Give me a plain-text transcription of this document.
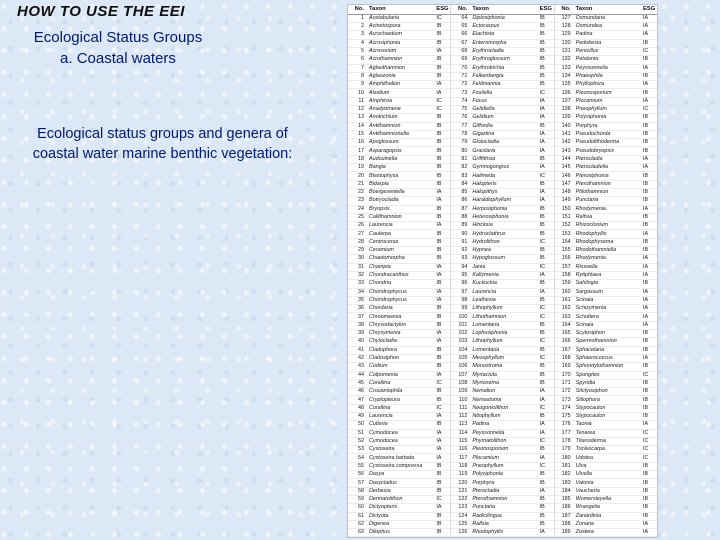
HOW TO USE THE EEI
Ecological Status Groups
a. Coastal waters
Ecological status groups and genera of
coastal water marine benthic vegetation:
No. Taxon	ESG
1 Acetabularia	IC
2 Acinetospora	IB
3 Acrochaetium	IB
4 Acrosiphonia	IB
5 Acrosorium	IA
6 Acrothamnion	IB
7 Aglaothamnion	IB
8 Aglaozonia	IB
9 Amphithalion	IA
10 Alsidium	IA
11 Amphiroa	IC
12 Anadyomene	IC
13 Anotrichium	IB
14 Antithamnion	IB
15 Antithamnionella	IB
16 Apoglossum	IB
17 Asparagopsis	IB
18 Audouinella	IB
19 Bangia	IB
20 Blastophysa	IB
21 Bidarpia	IB
22 Boergeseniella	IA
23 Botryocladia	IA
24 Bryopsis	IB
25 Callithamnion	IB
26 Laurencia	IA
27 Caulerpa	IB
28 Centroceras	IB
29 Ceramium	IB
30 Chaetomorpha	IB
31 Champia	IA
32 Chondracanthus	IA
33 Chondria	IB
34 Chondrophycus	IA
35 Chondrophycus	IA
36 Chordaria	IB
37 Chroomeenia	IB
38 Chrysodactylon	IB
39 Chrysymenia	IA
40 Chylocladia	IA
41 Cladophora	IB
42 Cladosiphon	IB
43 Codium	IB
44 Colpomenia	IA
45 Corallina	IC
46 Crouaniophila	IB
47 Cryptopleura	IB
48 Corallina	IC
49 Laurencia	IA
50 Cutleria	IB
51 Cymodocea	IA
52 Cymodocea	IA
53 Cystoseira	IA
54 Cystoseira barbata	IA
55 Cystoseira compressa	IB
56 Dasya	IB
57 Dasycladus	IB
58 Derbesia	IB
59 Dermatolithon	IC
60 Dictyopteris	IA
61 Dictyota	IB
62 Digenea	IB
63 Dilophus	IB
No. Taxon	ESG
64 Diplosiphonia	IB
65 Ectocarpus	IB
66 Elachista	IB
67 Enteromorpha	IB
68 Erythrocladia	IB
69 Erythroglossum	IB
70 Erythrotrichia	IB
71 Falkenbergia	IB
72 Feldmannia	IB
73 Fosliella	IC
74 Fucus	IA
75 Gelidiella	IA
76 Gelidium	IA
77 Giffordia	IB
78 Gigartina	IA
79 Gloiocladia	IA
80 Gracilaria	IA
81 Griffithsia	IB
82 Gymnogongrus	IA
83 Halimeda	IC
84 Halopteris	IB
85 Halopithys	IA
86 Haraldiophyllum	IA
87 Herposiphonia	IB
88 Heterosiphonia	IB
89 Hincksia	IB
90 Hydroclathrus	IB
91 Hydrolithon	IC
92 Hypnea	IB
93 Hypoglossum	IB
94 Jania	IC
95 Kallymenia	IA
96 Kuckuckia	IB
97 Laurencia	IA
98 Leathesia	IB
99 Lithophyllum	IC
100 Lithothamnion	IC
101 Lomentaria	IB
102 Lophosiphonia	IB
103 Lithophyllum	IC
104 Lomentaria	IB
105 Mesophyllum	IC
106 Monostroma	IB
107 Myriactula	IB
108 Myrionema	IB
109 Nemalion	IA
110 Nemastoma	IA
111 Neogoniolithon	IC
112 Nitophyllum	IB
113 Padina	IA
114 Peyssonnelia	IA
115 Phymatolithon	IC
116 Pleonosporium	IB
117 Plocamium	IA
118 Pneophyllum	IC
119 Polysiphonia	IB
120 Porphyra	IB
121 Pterocladia	IA
122 Pterothamnion	IB
123 Punctaria	IB
124 Radicilingua	IB
125 Ralfsia	IB
126 Rhodophyllis	IA
No. Taxon	ESG
127 Osmundaria	IA
128 Osmundea	IA
129 Padina	IA
130 Pedobesia	IB
131 Penicillus	IC
132 Petalonia	IB
133 Peyssonnelia	IA
134 Phaeophila	IB
135 Phyllophora	IA
136 Pleonosporium	IB
137 Plocamium	IA
138 Pneophyllum	IC
139 Polysiphonia	IB
140 Porphyra	IB
141 Pseudochorda	IB
142 Pseudolithoderma	IB
143 Pseudobryopsis	IB
144 Pterocladia	IA
145 Pterocladiella	IA
146 Pterosiphonia	IB
147 Pterothamnion	IB
148 Ptilothamnion	IB
149 Punctaria	IB
150 Rhodymenia	IA
151 Ralfsia	IB
152 Rhizoclonium	IB
153 Rhodophyllis	IA
154 Rhodophysema	IB
155 Rhodothamniella	IB
156 Rhodymenia	IA
157 Rissoella	IA
158 Rytiphlaea	IA
159 Sahlingia	IB
160 Sargassum	IA
161 Scinaia	IA
162 Schizymenia	IA
163 Schottera	IA
164 Scinaia	IA
165 Scytosiphon	IB
166 Spermothamnion	IB
167 Sphacelaria	IB
168 Sphaerococcus	IA
169 Sphondylothamnion	IB
170 Spongites	IC
171 Spyridia	IB
172 Stictyosiphon	IB
173 Stilophora	IB
174 Stypocaulon	IB
175 Stypocaulon	IB
176 Taonia	IA
177 Tenarea	IC
178 Titanoderma	IC
179 Tricleocarpa	IC
180 Udotea	IC
181 Ulva	IB
182 Ulvella	IB
183 Valonia	IB
184 Vaucheria	IB
185 Womersleyella	IB
186 Wrangelia	IB
187 Zanardinia	IB
188 Zonaria	IA
189 Zostera	IA
